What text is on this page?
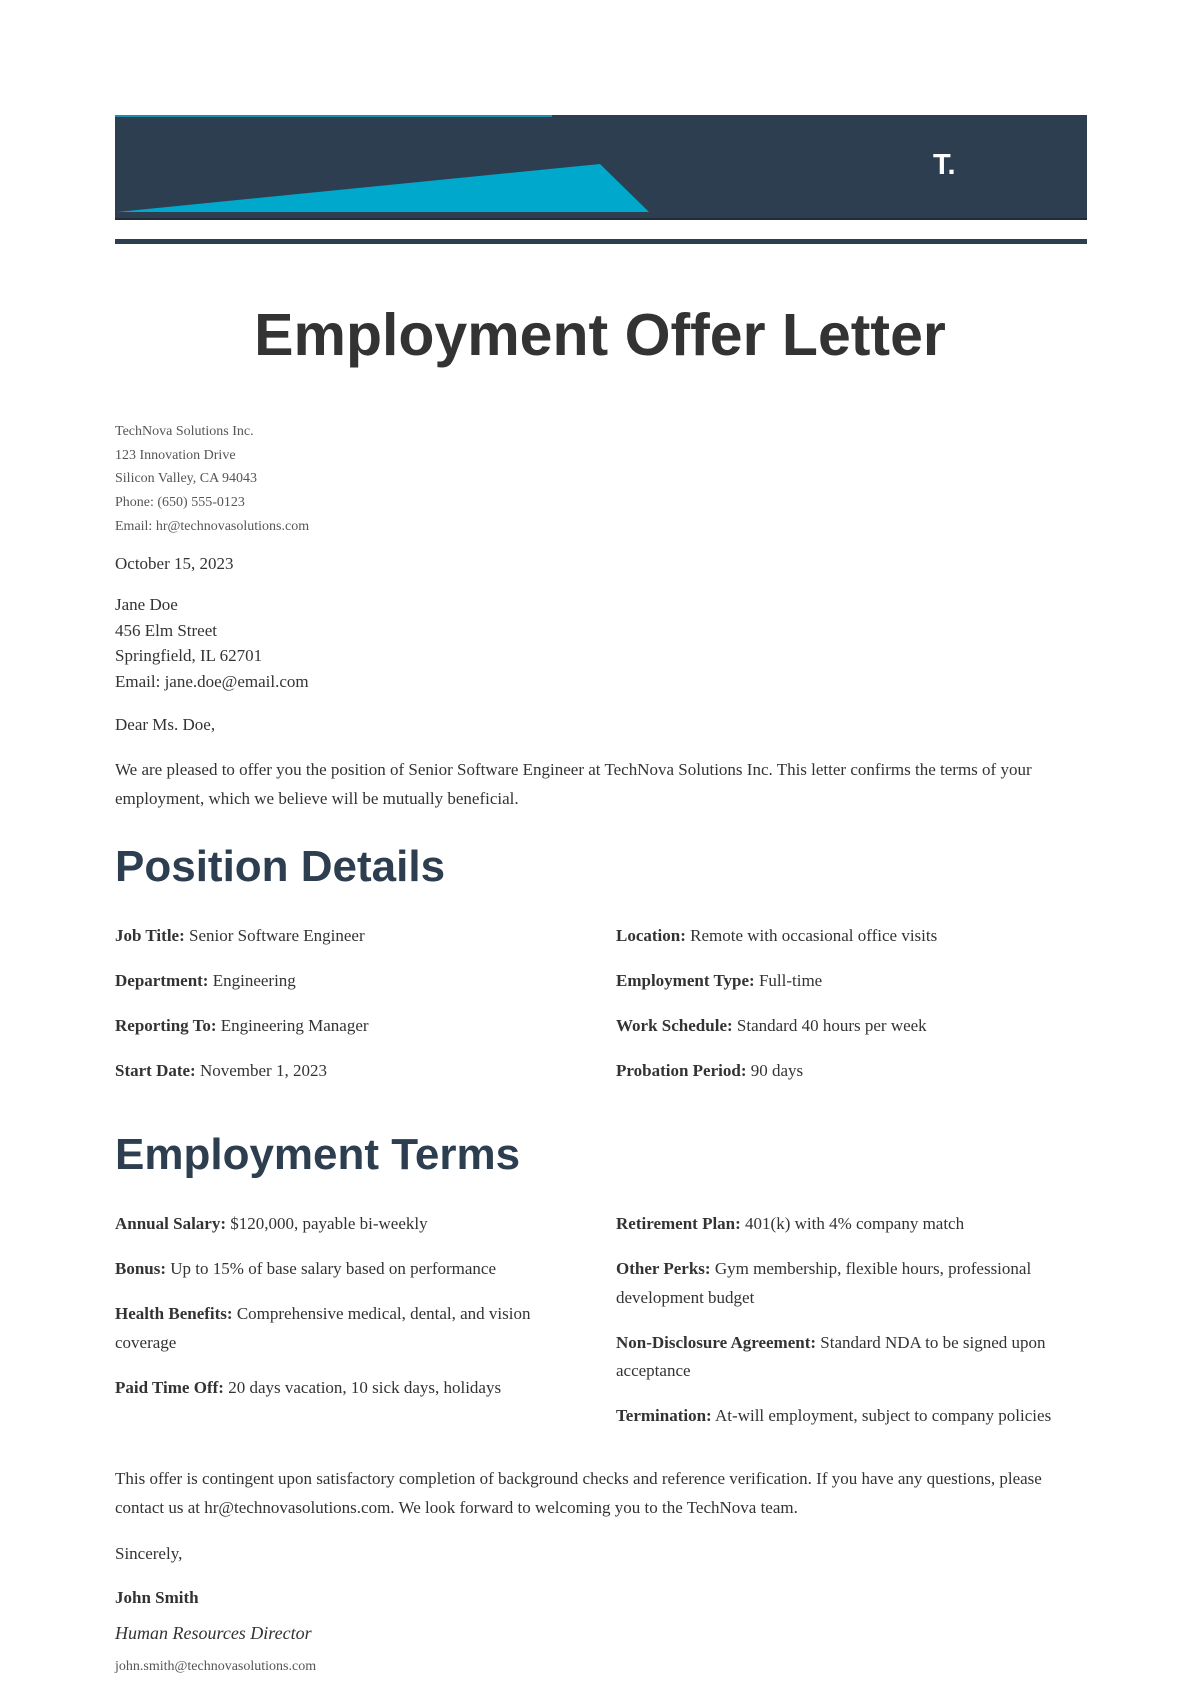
T.
Employment Offer Letter
TechNova Solutions Inc.
123 Innovation Drive
Silicon Valley, CA 94043
Phone: (650) 555-0123
Email: hr@technovasolutions.com
October 15, 2023
Jane Doe
456 Elm Street
Springfield, IL 62701
Email: jane.doe@email.com
Dear Ms. Doe,

We are pleased to offer you the position of Senior Software Engineer at TechNova Solutions Inc. This letter confirms the terms of your employment, which we believe will be mutually beneficial.

Position Details
Job Title: Senior Software Engineer
Department: Engineering
Reporting To: Engineering Manager
Start Date: November 1, 2023
Location: Remote with occasional office visits
Employment Type: Full-time
Work Schedule: Standard 40 hours per week
Probation Period: 90 days
Employment Terms
Annual Salary: $120,000, payable bi-weekly
Bonus: Up to 15% of base salary based on performance
Health Benefits: Comprehensive medical, dental, and vision coverage
Paid Time Off: 20 days vacation, 10 sick days, holidays
Retirement Plan: 401(k) with 4% company match
Other Perks: Gym membership, flexible hours, professional development budget
Non-Disclosure Agreement: Standard NDA to be signed upon acceptance
Termination: At-will employment, subject to company policies

This offer is contingent upon satisfactory completion of background checks and reference verification. If you have any questions, please contact us at hr@technovasolutions.com. We look forward to welcoming you to the TechNova team.

Sincerely,
John Smith
Human Resources Director
john.smith@technovasolutions.com
